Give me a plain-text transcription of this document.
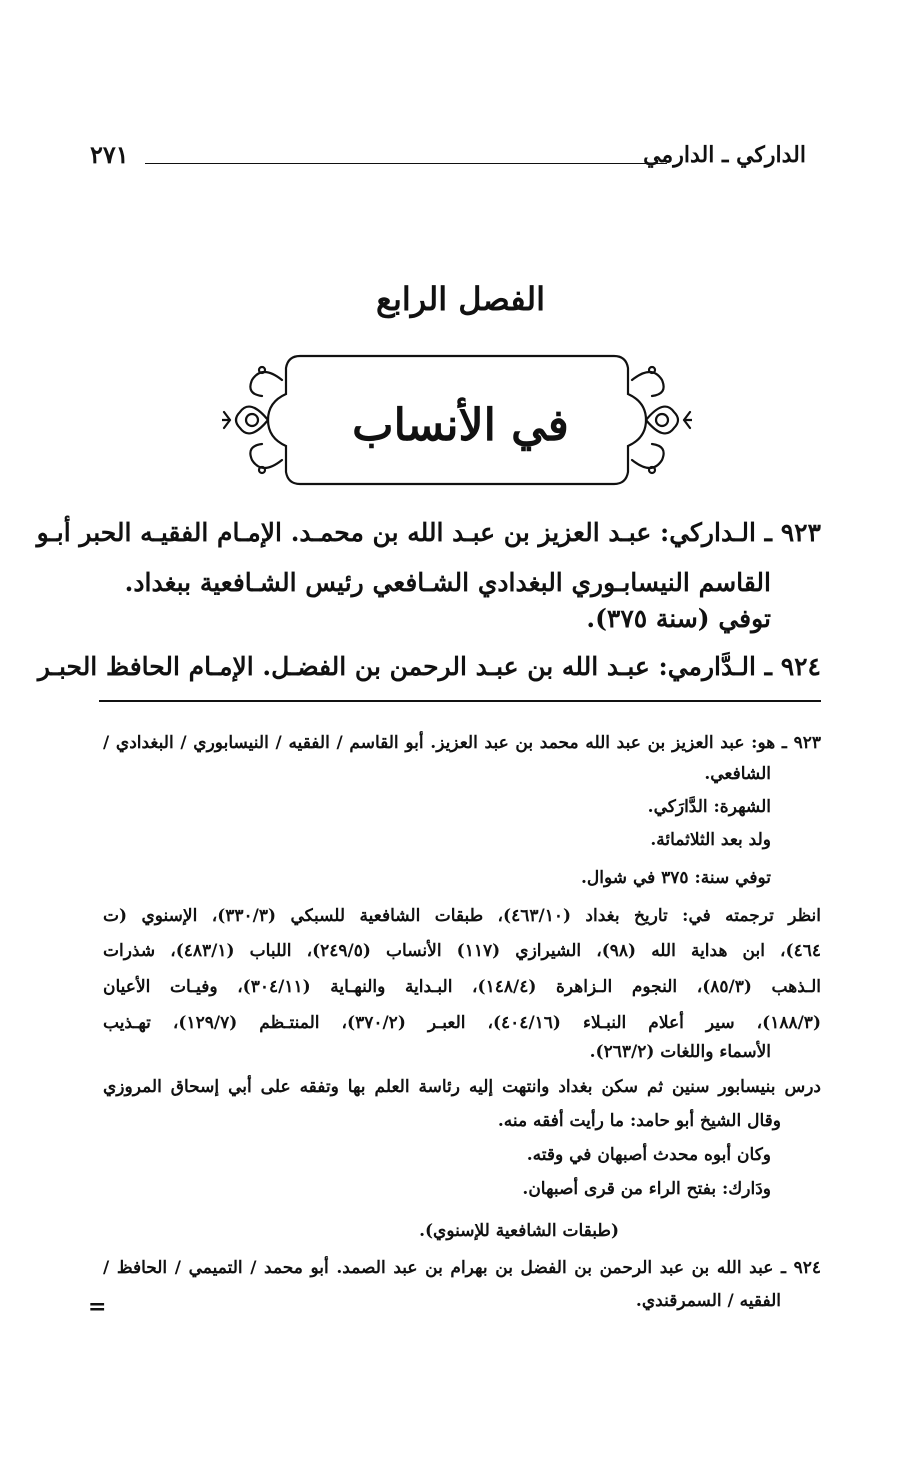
الداركي ـ الدارمي
٢٧١
الفصل الرابع
في الأنساب
٩٢٣ ـ الـداركي: عبـد العزيز بن عبـد الله بن محمـد. الإمـام الفقيـه الحبر أبـو
القاسم النيسابـوري البغدادي الشـافعي رئيس الشـافعية ببغداد.
توفي (سنة ٣٧٥).
٩٢٤ ـ الـدَّارمي: عبـد الله بن عبـد الرحمن بن الفضـل. الإمـام الحافظ الحبـر
٩٢٣ ـ هو: عبد العزيز بن عبد الله محمد بن عبد العزيز. أبو القاسم / الفقيه / النيسابوري / البغدادي /
الشافعي.
الشهرة: الدَّارَكي.
ولد بعد الثلاثمائة.
توفي سنة: ٣٧٥ في شوال.
انظر ترجمته في: تاريخ بغداد (٤٦٣/١٠)، طبقات الشافعية للسبكي (٣٣٠/٣)، الإسنوي (ت
٤٦٤)، ابن هداية الله (٩٨)، الشيرازي (١١٧) الأنساب (٢٤٩/٥)، اللباب (٤٨٣/١)، شذرات
الـذهب (٨٥/٣)، النجوم الـزاهرة (١٤٨/٤)، البـداية والنهـاية (٣٠٤/١١)، وفيـات الأعيان
(١٨٨/٣)، سير أعلام النبـلاء (٤٠٤/١٦)، العبـر (٣٧٠/٢)، المنتـظم (١٢٩/٧)، تهـذيب
الأسماء واللغات (٢٦٣/٢).
درس بنيسابور سنين ثم سكن بغداد وانتهت إليه رئاسة العلم بها وتفقه على أبي إسحاق المروزي
وقال الشيخ أبو حامد: ما رأيت أفقه منه.
وكان أبوه محدث أصبهان في وقته.
ودَارك: بفتح الراء من قرى أصبهان.
(طبقات الشافعية للإسنوي).
٩٢٤ ـ عبد الله بن عبد الرحمن بن الفضل بن بهرام بن عبد الصمد. أبو محمد / التميمي / الحافظ /
الفقيه / السمرقندي.
=
